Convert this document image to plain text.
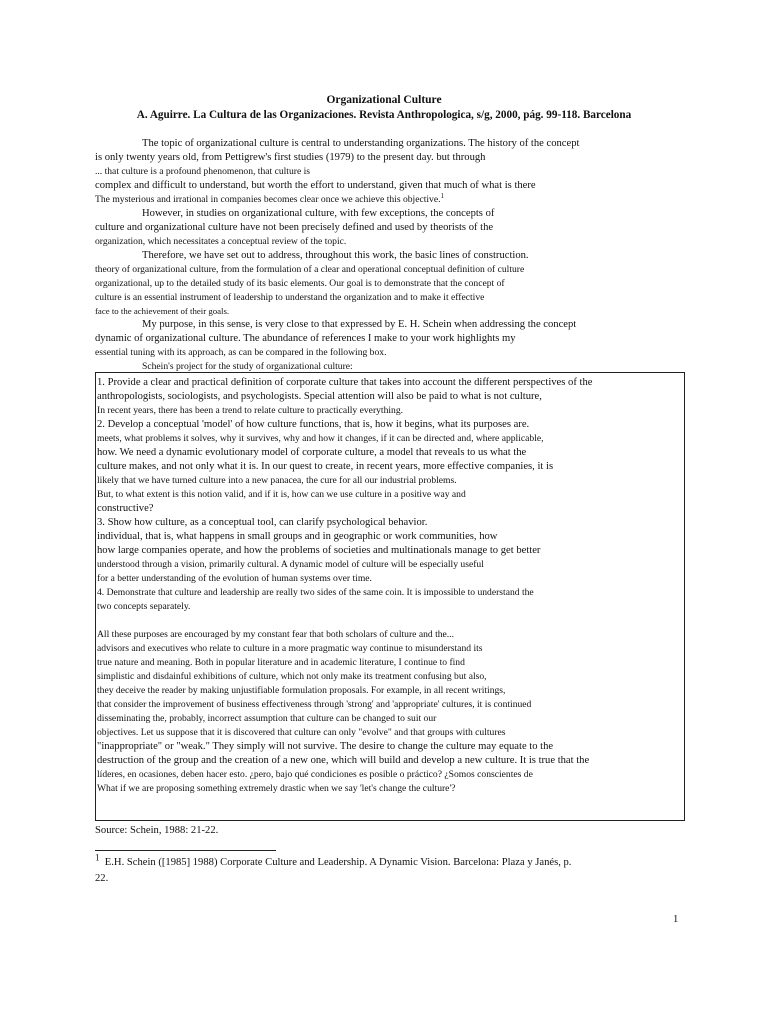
Organizational Culture
A. Aguirre. La Cultura de las Organizaciones. Revista Anthropologica, s/g, 2000, pág. 99-118. Barcelona
The topic of organizational culture is central to understanding organizations. The history of the concept
is only twenty years old, from Pettigrew's first studies (1979) to the present day. but through
... that culture is a profound phenomenon, that culture is
complex and difficult to understand, but worth the effort to understand, given that much of what is there
The mysterious and irrational in companies becomes clear once we achieve this objective.$^1$
However, in studies on organizational culture, with few exceptions, the concepts of
culture and organizational culture have not been precisely defined and used by theorists of the
organization, which necessitates a conceptual review of the topic.
Therefore, we have set out to address, throughout this work, the basic lines of construction.
theory of organizational culture, from the formulation of a clear and operational conceptual definition of culture
organizational, up to the detailed study of its basic elements. Our goal is to demonstrate that the concept of
culture is an essential instrument of leadership to understand the organization and to make it effective
face to the achievement of their goals.
My purpose, in this sense, is very close to that expressed by E. H. Schein when addressing the concept
dynamic of organizational culture. The abundance of references I make to your work highlights my
essential tuning with its approach, as can be compared in the following box.
Schein's project for the study of organizational culture:
1. Provide a clear and practical definition of corporate culture that takes into account the different perspectives of the
anthropologists, sociologists, and psychologists. Special attention will also be paid to what is not culture,
In recent years, there has been a trend to relate culture to practically everything.
2. Develop a conceptual 'model' of how culture functions, that is, how it begins, what its purposes are.
meets, what problems it solves, why it survives, why and how it changes, if it can be directed and, where applicable,
how. We need a dynamic evolutionary model of corporate culture, a model that reveals to us what the
culture makes, and not only what it is. In our quest to create, in recent years, more effective companies, it is
likely that we have turned culture into a new panacea, the cure for all our industrial problems.
But, to what extent is this notion valid, and if it is, how can we use culture in a positive way and
constructive?
3. Show how culture, as a conceptual tool, can clarify psychological behavior.
individual, that is, what happens in small groups and in geographic or work communities, how
how large companies operate, and how the problems of societies and multinationals manage to get better
understood through a vision, primarily cultural. A dynamic model of culture will be especially useful
for a better understanding of the evolution of human systems over time.
4. Demonstrate that culture and leadership are really two sides of the same coin. It is impossible to understand the
two concepts separately.
All these purposes are encouraged by my constant fear that both scholars of culture and the...
advisors and executives who relate to culture in a more pragmatic way continue to misunderstand its
true nature and meaning. Both in popular literature and in academic literature, I continue to find
simplistic and disdainful exhibitions of culture, which not only make its treatment confusing but also,
they deceive the reader by making unjustifiable formulation proposals. For example, in all recent writings,
that consider the improvement of business effectiveness through 'strong' and 'appropriate' cultures, it is continued
disseminating the, probably, incorrect assumption that culture can be changed to suit our
objectives. Let us suppose that it is discovered that culture can only "evolve" and that groups with cultures
"inappropriate" or "weak." They simply will not survive. The desire to change the culture may equate to the
destruction of the group and the creation of a new one, which will build and develop a new culture. It is true that the
líderes, en ocasiones, deben hacer esto. ¿pero, bajo qué condiciones es posible o práctico? ¿Somos conscientes de
What if we are proposing something extremely drastic when we say 'let's change the culture'?
Source: Schein, 1988: 21-22.
$^1$ E.H. Schein ([1985] 1988) Corporate Culture and Leadership. A Dynamic Vision. Barcelona: Plaza y Janés, p.
22.
1
